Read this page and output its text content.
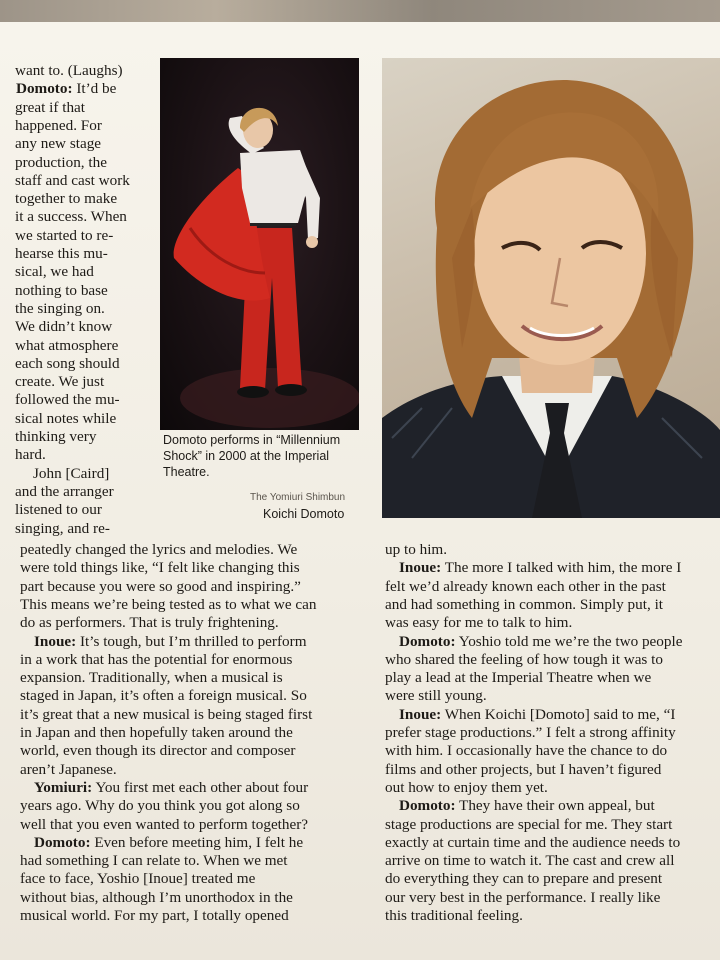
Domoto performs in “Millennium
Shock” in 2000 at the Imperial
Theatre.
The Yomiuri Shimbun
Koichi Domoto
want to. (Laughs)
Domoto: It’d be
great if that
happened. For
any new stage
production, the
staff and cast work
together to make
it a success. When
we started to re-
hearse this mu-
sical, we had
nothing to base
the singing on.
We didn’t know
what atmosphere
each song should
create. We just
followed the mu-
sical notes while
thinking very
hard.
John [Caird]
and the arranger
listened to our
singing, and re-
peatedly changed the lyrics and melodies. We
were told things like, “I felt like changing this
part because you were so good and inspiring.”
This means we’re being tested as to what we can
do as performers. That is truly frightening.
Inoue: It’s tough, but I’m thrilled to perform
in a work that has the potential for enormous
expansion. Traditionally, when a musical is
staged in Japan, it’s often a foreign musical. So
it’s great that a new musical is being staged first
in Japan and then hopefully taken around the
world, even though its director and composer
aren’t Japanese.
Yomiuri: You first met each other about four
years ago. Why do you think you got along so
well that you even wanted to perform together?
Domoto: Even before meeting him, I felt he
had something I can relate to. When we met
face to face, Yoshio [Inoue] treated me
without bias, although I’m unorthodox in the
musical world. For my part, I totally opened
up to him.
Inoue: The more I talked with him, the more I
felt we’d already known each other in the past
and had something in common. Simply put, it
was easy for me to talk to him.
Domoto: Yoshio told me we’re the two people
who shared the feeling of how tough it was to
play a lead at the Imperial Theatre when we
were still young.
Inoue: When Koichi [Domoto] said to me, “I
prefer stage productions.” I felt a strong affinity
with him. I occasionally have the chance to do
films and other projects, but I haven’t figured
out how to enjoy them yet.
Domoto: They have their own appeal, but
stage productions are special for me. They start
exactly at curtain time and the audience needs to
arrive on time to watch it. The cast and crew all
do everything they can to prepare and present
our very best in the performance. I really like
this traditional feeling.
